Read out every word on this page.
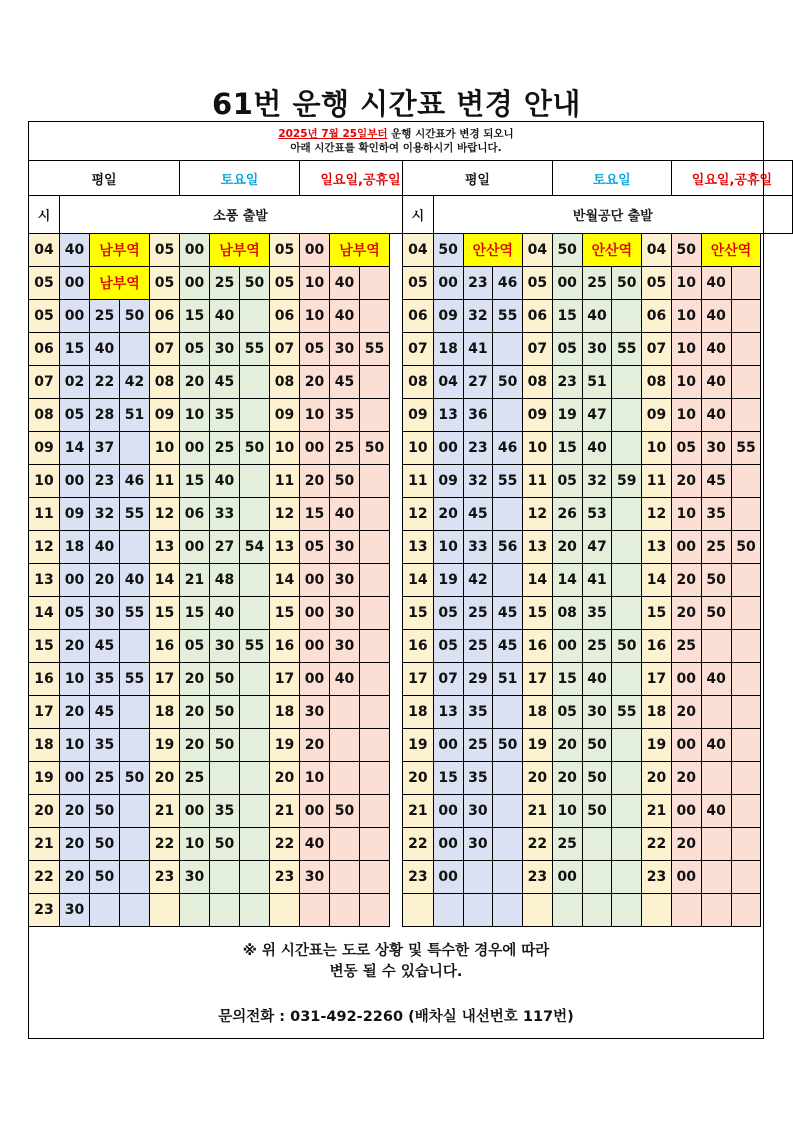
61번 운행 시간표 변경 안내
2025년 7월 25일부터 운행 시간표가 변경 되오니
아래 시간표를 확인하여 이용하시기 바랍니다.
평일					토요일				일요일,공휴일		
시	소풍 출발										
04	40	남부역		05	00	남부역		05	00	남부역	
05	00	남부역		05	00	25	50	05	10	40	
05	00	25	50	06	15	40		06	10	40	
06	15	40		07	05	30	55	07	05	30	55
07	02	22	42	08	20	45		08	20	45	
08	05	28	51	09	10	35		09	10	35	
09	14	37		10	00	25	50	10	00	25	50
10	00	23	46	11	15	40		11	20	50	
11	09	32	55	12	06	33		12	15	40	
12	18	40		13	00	27	54	13	05	30	
13	00	20	40	14	21	48		14	00	30	
14	05	30	55	15	15	40		15	00	30	
15	20	45		16	05	30	55	16	00	30	
16	10	35	55	17	20	50		17	00	40	
17	20	45		18	20	50		18	30		
18	10	35		19	20	50		19	20		
19	00	25	50	20	25			20	10		
20	20	50		21	00	35		21	00	50	
21	20	50		22	10	50		22	40		
22	20	50		23	30			23	30		
23	30										
평일					토요일				일요일,공휴일		
시	반월공단 출발										
04	50	안산역		04	50	안산역		04	50	안산역	
05	00	23	46	05	00	25	50	05	10	40	
06	09	32	55	06	15	40		06	10	40	
07	18	41		07	05	30	55	07	10	40	
08	04	27	50	08	23	51		08	10	40	
09	13	36		09	19	47		09	10	40	
10	00	23	46	10	15	40		10	05	30	55
11	09	32	55	11	05	32	59	11	20	45	
12	20	45		12	26	53		12	10	35	
13	10	33	56	13	20	47		13	00	25	50
14	19	42		14	14	41		14	20	50	
15	05	25	45	15	08	35		15	20	50	
16	05	25	45	16	00	25	50	16	25		
17	07	29	51	17	15	40		17	00	40	
18	13	35		18	05	30	55	18	20		
19	00	25	50	19	20	50		19	00	40	
20	15	35		20	20	50		20	20		
21	00	30		21	10	50		21	00	40	
22	00	30		22	25			22	20		
23	00			23	00			23	00		

※ 위 시간표는 도로 상황 및 특수한 경우에 따라
변동 될 수 있습니다.
문의전화 : 031-492-2260 (배차실 내선번호 117번)
